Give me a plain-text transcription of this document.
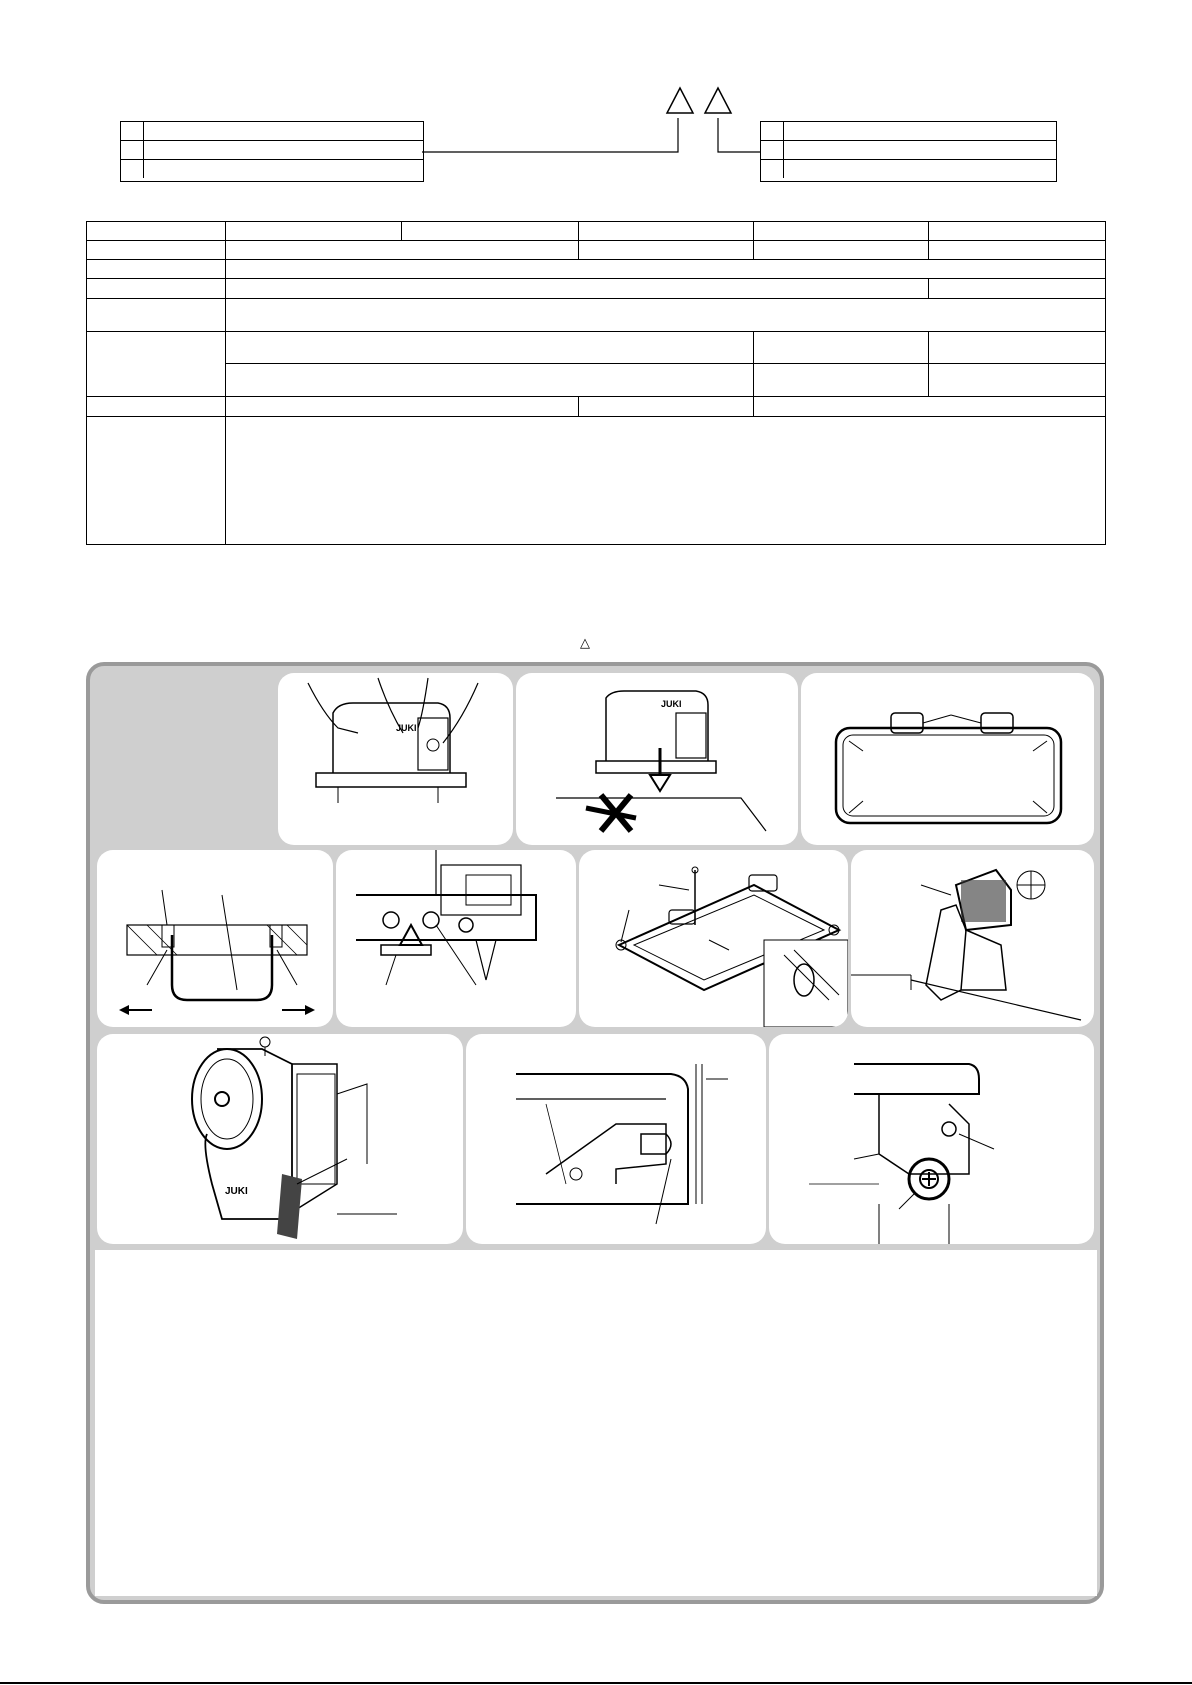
△
JUKI
JUKI
JUKI
